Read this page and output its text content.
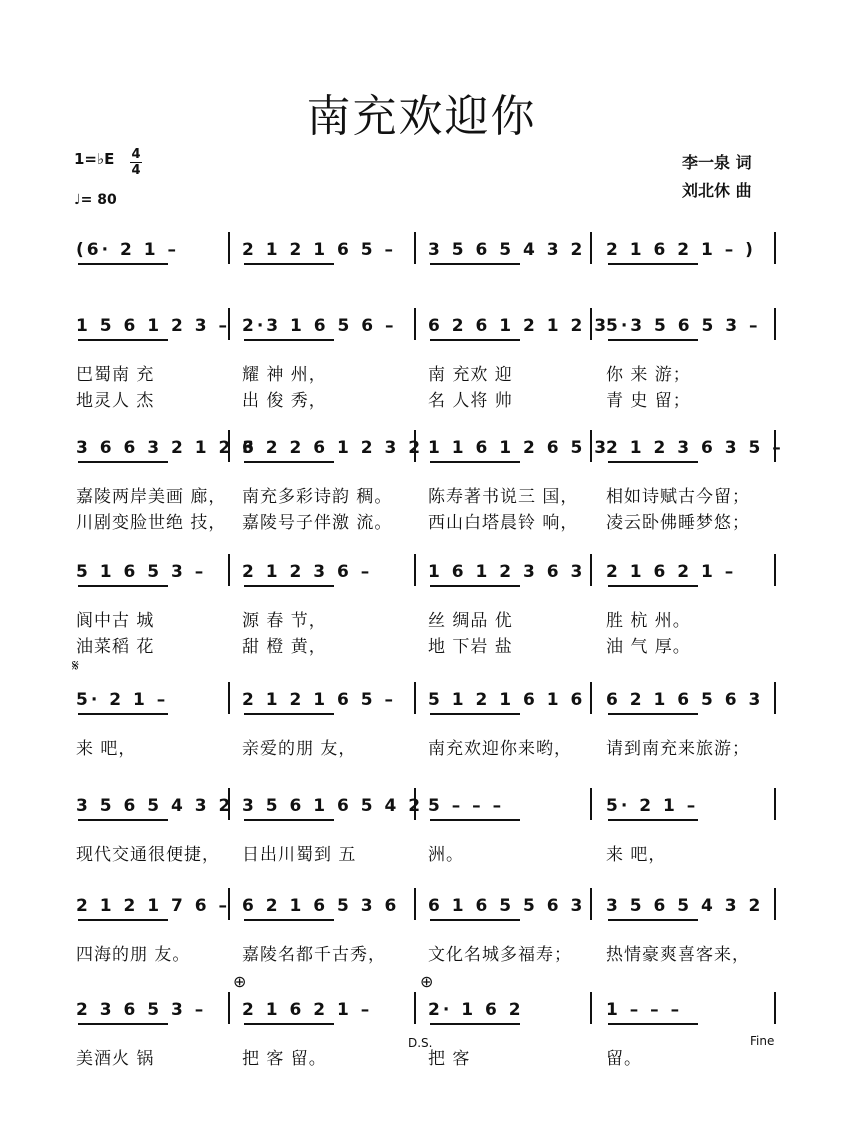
南充欢迎你
1=♭E 4
4
♩= 80
李一泉 词
刘北休 曲
(6· 2 1 –	2 1 2 1 6 5 – 3 5 6 5 4 3 2 2 1 6 2 1 – )
1 5 6 1 2 3 – 2·3 1 6 5 6 – 6 2 6 1 2 1 2 3
5·3 5 6 5 3 –
巴蜀南 充	耀 神 州，	南 充欢 迎	你 来 游；
地灵人 杰	出 俊 秀，	名 人将 帅	青 史 留；
3 6 6 3 2 1 2 3
6 2 2 6 1 2 3 2 1 1 6 1 2 6 5 3
2 1 2 3 6 3 5 –
嘉陵两岸美画 廊， 南充多彩诗韵 稠。 陈寿著书说三 国， 相如诗赋古今留；
川剧变脸世绝 技， 嘉陵号子伴激 流。 西山白塔晨铃 响， 凌云卧佛睡梦悠；
5 1 6 5 3 – 2 1 2 3 6 –	1 6 1 2 3 6 3 2 1 6 2 1 –
阆中古 城	源 春 节，	丝 绸品 优	胜 杭 州。
油菜稻 花	甜 橙 黄，	地 下岩 盐	油 气 厚。
5· 2 1 –	2 1 2 1 6 5 – 5 1 2 1 6 1 6 6 2 1 6 5 6 3
来 吧，	亲爱的朋 友，	南充欢迎你来哟， 请到南充来旅游；
3 5 6 5 4 3 2 3 5 6 1 6 5 4 2 5 – – –	5· 2 1 –
现代交通很便捷， 日出川蜀到 五	洲。	来 吧，
2 1 2 1 7 6 – 6 2 1 6 5 3 6 6 1 6 5 5 6 3 3 5 6 5 4 3 2
四海的朋 友。	嘉陵名都千古秀， 文化名城多福寿； 热情豪爽喜客来，
2 3 6 5 3 – 2 1 6 2 1 –	2· 1 6 2	1 – – –
美酒火 锅	把 客 留。	把 客	留。
𝄋
⊕	⊕
D.S.	Fine
